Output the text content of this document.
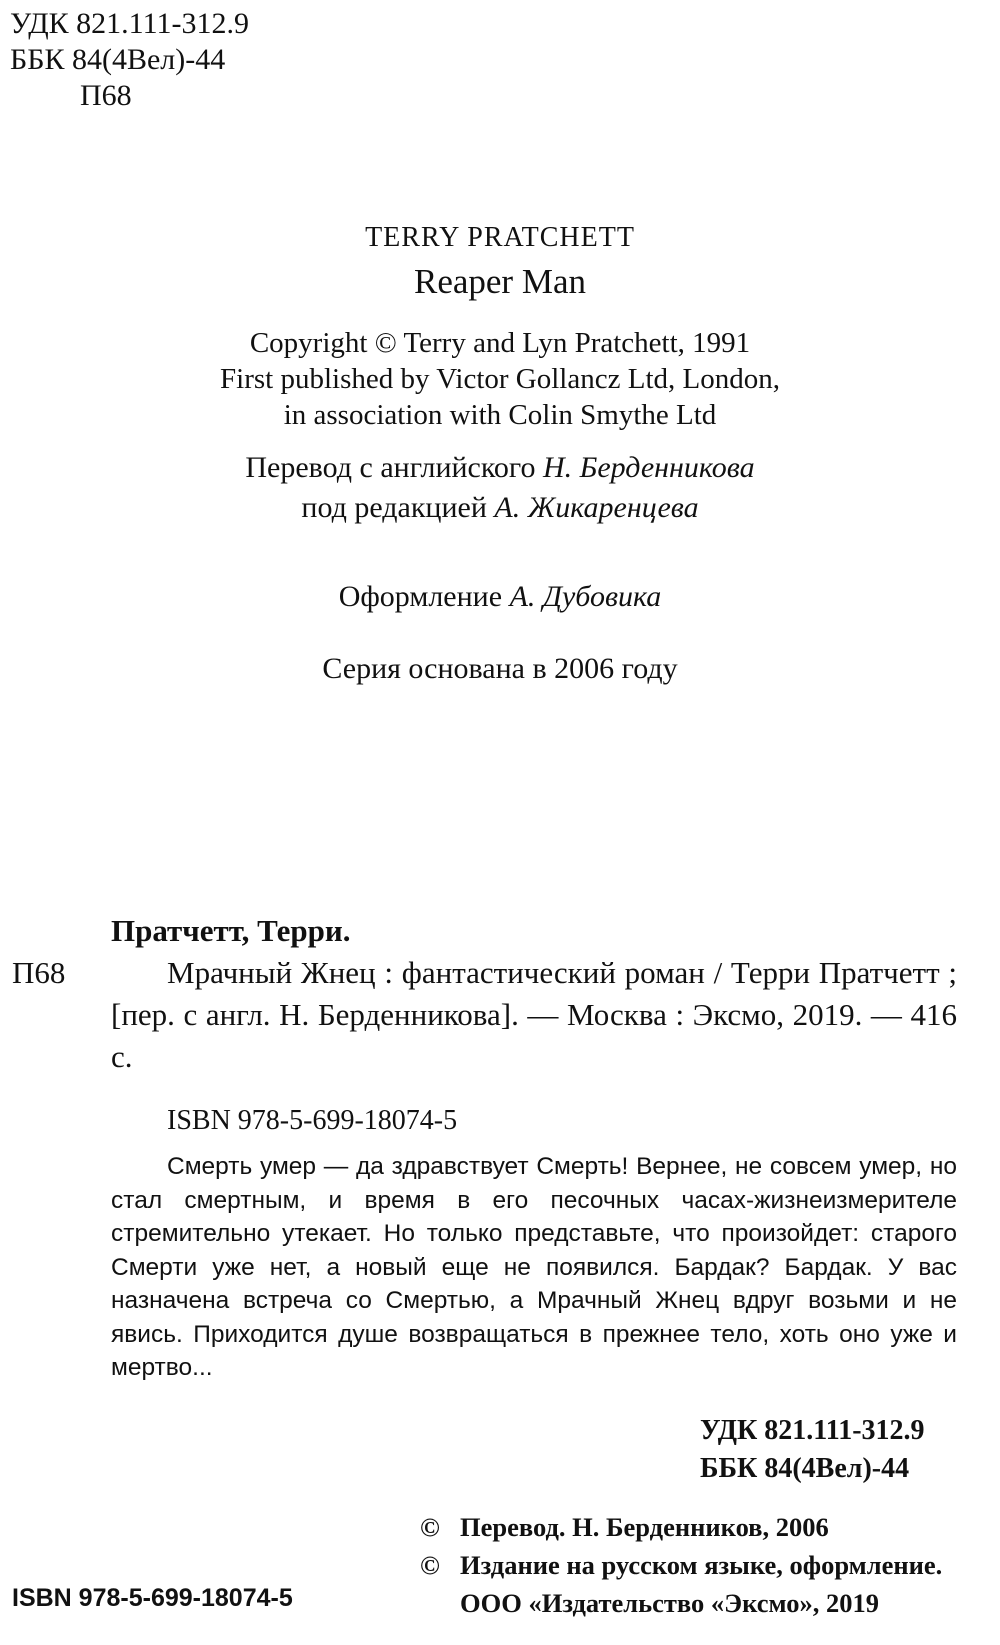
УДК 821.111-312.9
ББК 84(4Вел)-44
П68
TERRY PRATCHETT
Reaper Man
Copyright © Terry and Lyn Pratchett, 1991
First published by Victor Gollancz Ltd, London,
in association with Colin Smythe Ltd
Перевод с английского Н. Берденникова
под редакцией А. Жикаренцева
Оформление А. Дубовика
Серия основана в 2006 году
Пратчетт, Терри.
П68	Мрачный Жнец : фантастический роман / Терри Пратчетт ; [пер. с англ. Н. Берденникова]. — Москва : Эксмо, 2019. — 416 с.
ISBN 978-5-699-18074-5
Смерть умер — да здравствует Смерть! Вернее, не совсем умер, но стал смертным, и время в его песочных часах-жизнеизмерителе стремительно утекает. Но только представьте, что произойдет: старого Смерти уже нет, а новый еще не появился. Бардак? Бардак. У вас назначена встреча со Смертью, а Мрачный Жнец вдруг возьми и не явись. Приходится душе возвращаться в прежнее тело, хоть оно уже и мертво...
УДК 821.111-312.9
ББК 84(4Вел)-44
© Перевод. Н. Берденников, 2006
© Издание на русском языке, оформление.
ООО «Издательство «Эксмо», 2019
ISBN 978-5-699-18074-5
